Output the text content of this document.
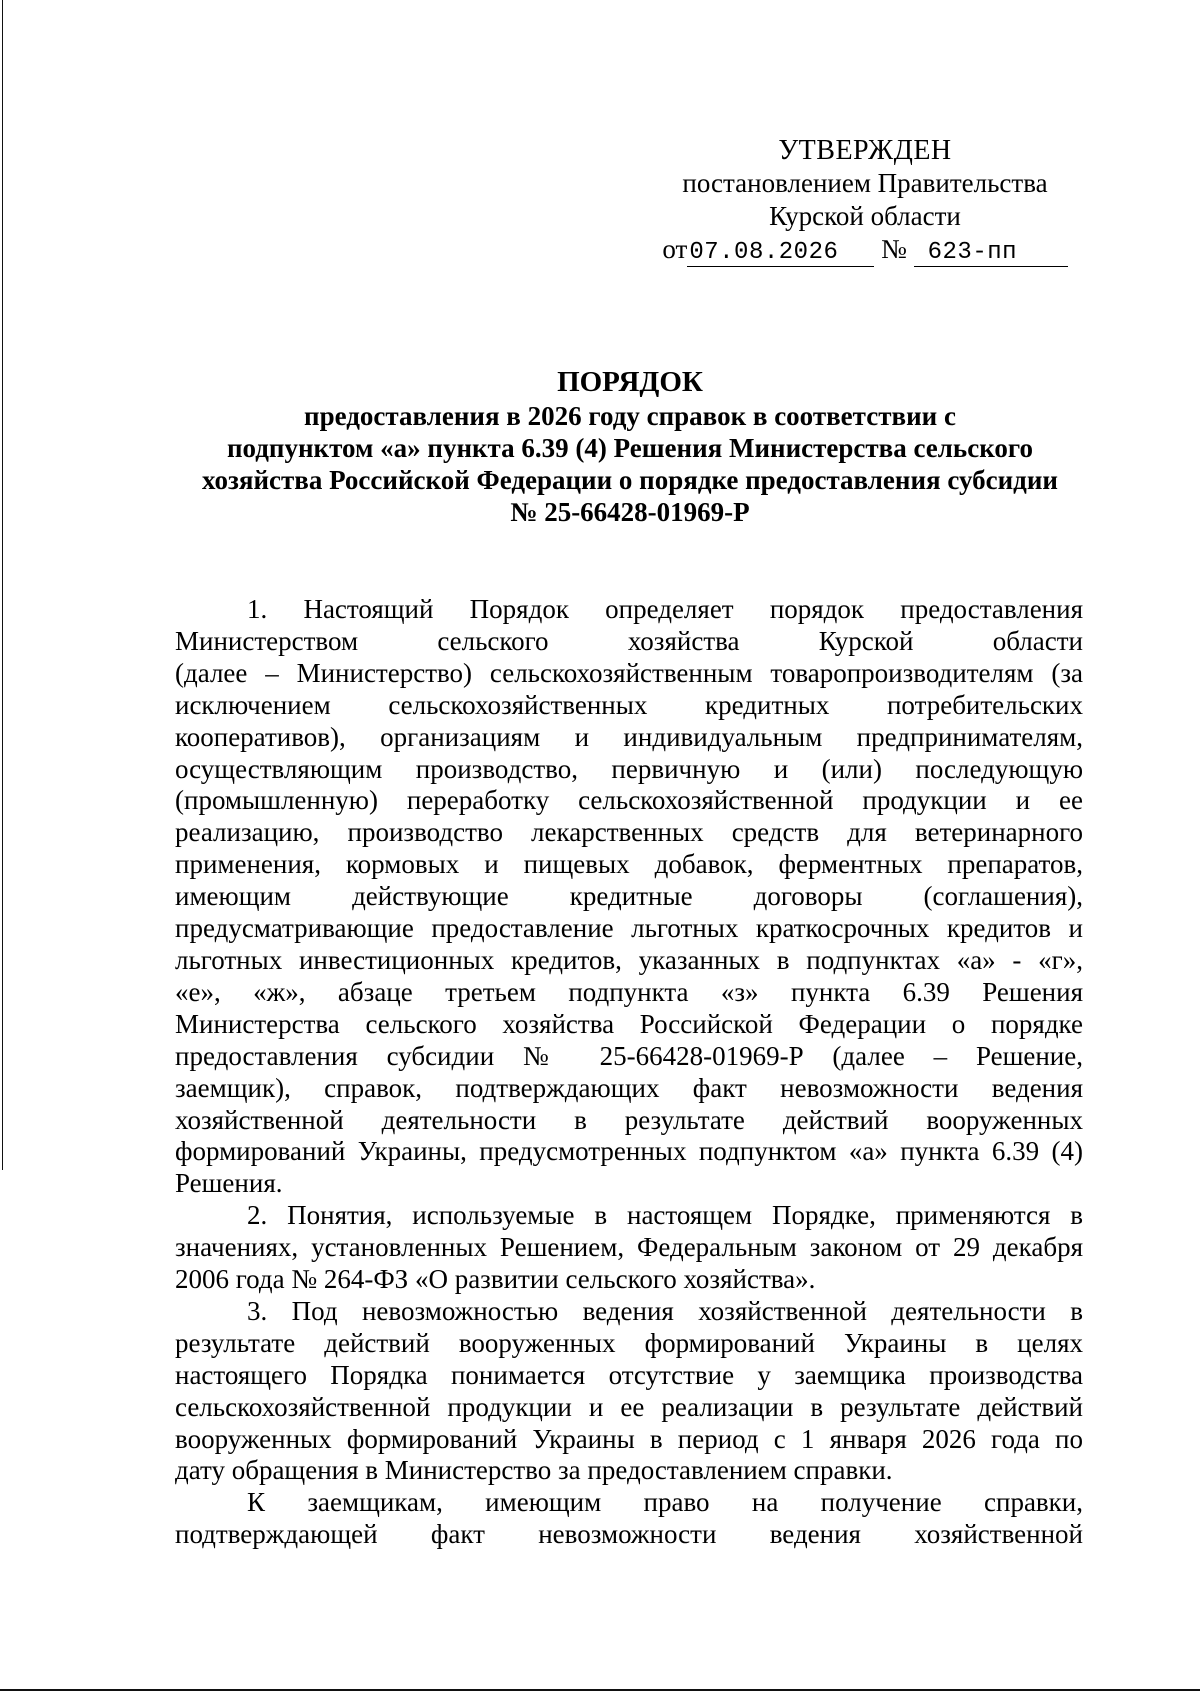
УТВЕРЖДЕН
постановлением Правительства
Курской области
от07.08.2026 № 623-пп
ПОРЯДОК
предоставления в 2026 году справок в соответствии с
подпунктом «а» пункта 6.39 (4) Решения Министерства сельского
хозяйства Российской Федерации о порядке предоставления субсидии
№ 25-66428-01969-Р
1. Настоящий Порядок определяет порядок предоставления
Министерством сельского хозяйства Курской области
(далее – Министерство) сельскохозяйственным товаропроизводителям (за
исключением сельскохозяйственных кредитных потребительских
кооперативов), организациям и индивидуальным предпринимателям,
осуществляющим производство, первичную и (или) последующую
(промышленную) переработку сельскохозяйственной продукции и ее
реализацию, производство лекарственных средств для ветеринарного
применения, кормовых и пищевых добавок, ферментных препаратов,
имеющим действующие кредитные договоры (соглашения),
предусматривающие предоставление льготных краткосрочных кредитов и
льготных инвестиционных кредитов, указанных в подпунктах «а» - «г»,
«е», «ж», абзаце третьем подпункта «з» пункта 6.39 Решения
Министерства сельского хозяйства Российской Федерации о порядке
предоставления субсидии № 25-66428-01969-Р (далее – Решение,
заемщик), справок, подтверждающих факт невозможности ведения
хозяйственной деятельности в результате действий вооруженных
формирований Украины, предусмотренных подпунктом «а» пункта 6.39 (4)
Решения.
2. Понятия, используемые в настоящем Порядке, применяются в
значениях, установленных Решением, Федеральным законом от 29 декабря
2006 года № 264-ФЗ «О развитии сельского хозяйства».
3. Под невозможностью ведения хозяйственной деятельности в
результате действий вооруженных формирований Украины в целях
настоящего Порядка понимается отсутствие у заемщика производства
сельскохозяйственной продукции и ее реализации в результате действий
вооруженных формирований Украины в период с 1 января 2026 года по
дату обращения в Министерство за предоставлением справки.
К заемщикам, имеющим право на получение справки,
подтверждающей факт невозможности ведения хозяйственной
